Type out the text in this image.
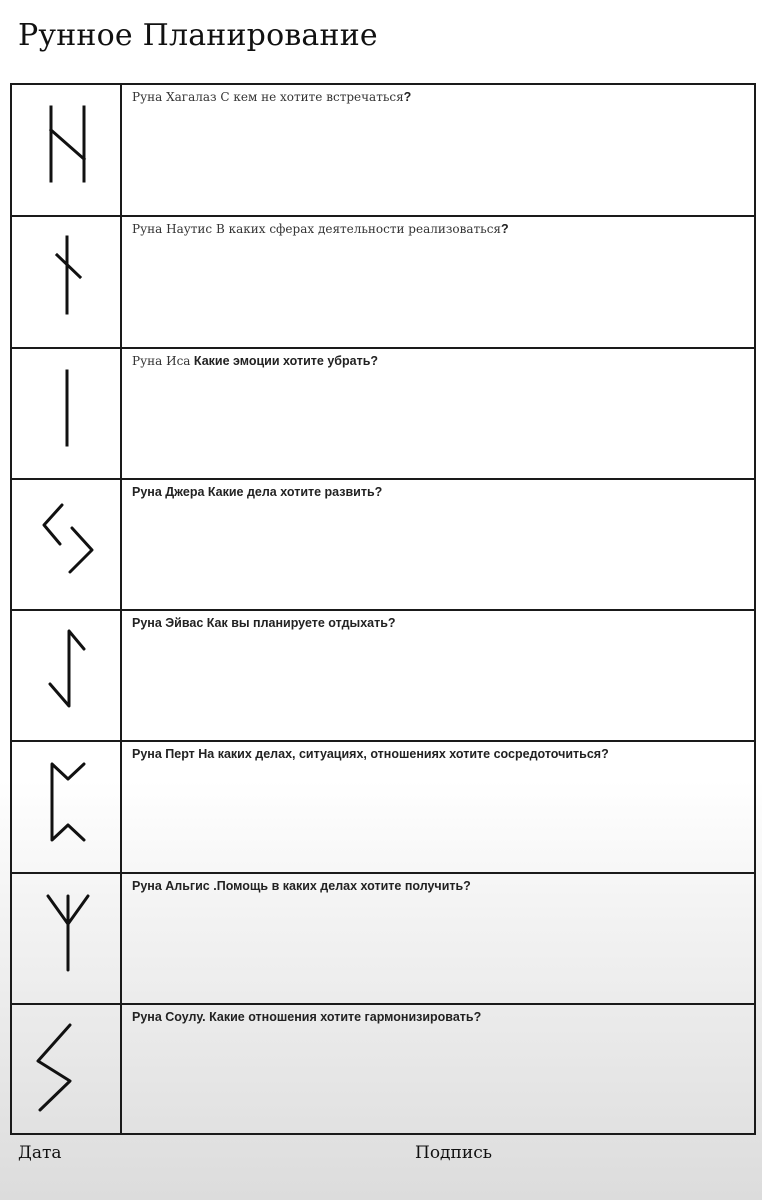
Рунное Планирование
Руна Хагалаз С кем не хотите встречаться?
Руна Наутис В каких сферах деятельности реализоваться?
Руна Иса Какие эмоции хотите убрать?
Руна Джера Какие дела хотите развить?
Руна Эйвас Как вы планируете отдыхать?
Руна Перт На каких делах, ситуациях, отношениях хотите сосредоточиться?
Руна Альгис .Помощь в каких делах хотите получить?
Руна Соулу. Какие отношения хотите гармонизировать?
Дата	Подпись
